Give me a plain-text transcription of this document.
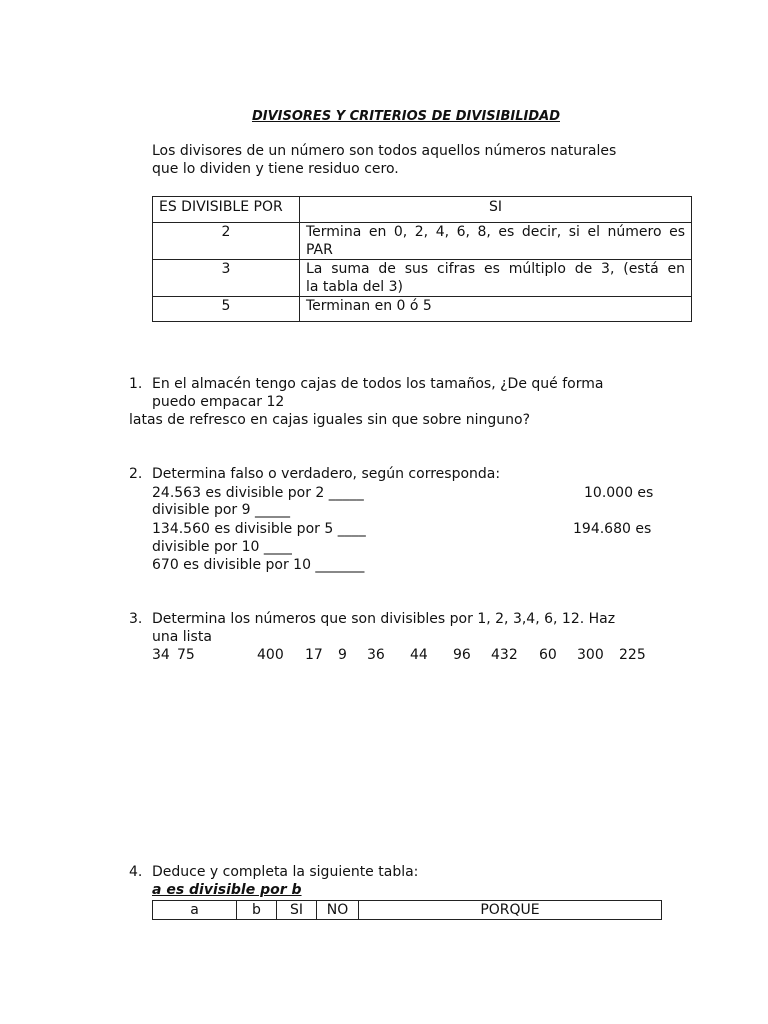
DIVISORES Y CRITERIOS DE DIVISIBILIDAD
Los divisores de un número son todos aquellos números naturales
que lo dividen y tiene residuo cero.
ES DIVISIBLE POR	SI
2	Termina en 0, 2, 4, 6, 8, es decir, si el número es
PAR

3	La suma de sus cifras es múltiplo de 3, (está en
la tabla del 3)

5	Terminan en 0 ó 5
1. En el almacén tengo cajas de todos los tamaños, ¿De qué forma
puedo empacar 12
latas de refresco en cajas iguales sin que sobre ninguno?
2. Determina falso o verdadero, según corresponda:
24.563 es divisible por 2 _____	10.000 es
divisible por 9 _____
134.560 es divisible por 5 ____	194.680 es
divisible por 10 ____
670 es divisible por 10 _______
3. Determina los números que son divisibles por 1, 2, 3,4, 6, 12. Haz
una lista
34 75	400 17 9 36 44 96 432 60 300 225
4. Deduce y completa la siguiente tabla:
a es divisible por b
a	b	SI	NO	PORQUE
